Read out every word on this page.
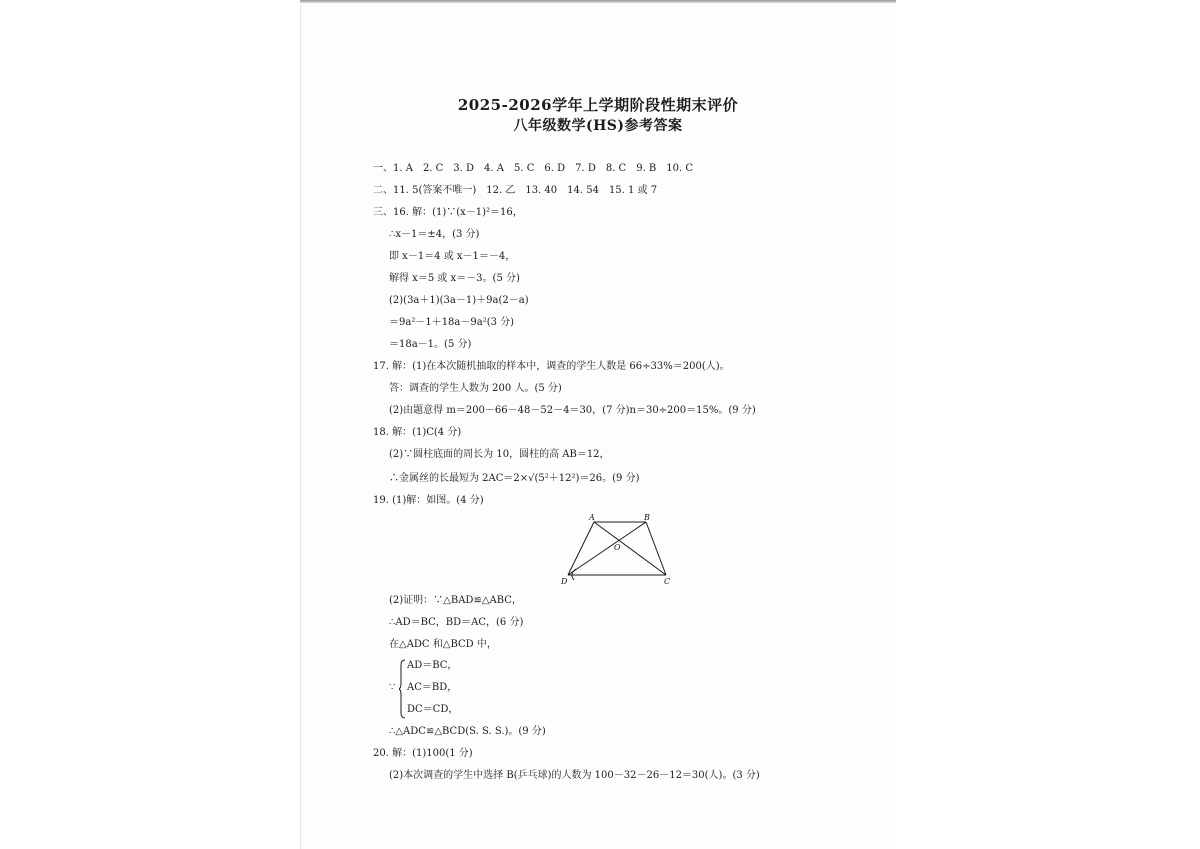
2025-2026学年上学期阶段性期末评价
八年级数学(HS)参考答案
一、1. A　2. C　3. D　4. A　5. C　6. D　7. D　8. C　9. B　10. C
二、11. 5(答案不唯一)　12. 乙　13. 40　14. 54　15. 1 或 7
三、16. 解：(1)∵(x－1)²＝16，
∴x－1＝±4，(3 分)
即 x－1＝4 或 x－1＝－4，
解得 x＝5 或 x＝－3。(5 分)
(2)(3a＋1)(3a－1)＋9a(2－a)
＝9a²－1＋18a－9a²(3 分)
＝18a－1。(5 分)
17. 解：(1)在本次随机抽取的样本中，调查的学生人数是 66÷33%＝200(人)。
答：调查的学生人数为 200 人。(5 分)
(2)由题意得 m＝200－66－48－52－4＝30，(7 分)n＝30÷200＝15%。(9 分)
18. 解：(1)C(4 分)
(2)∵圆柱底面的周长为 10，圆柱的高 AB＝12，
∴金属丝的长最短为 2AC＝2×√(5²＋12²)＝26。(9 分)
19. (1)解：如图。(4 分)
A	B
O
D	C
(2)证明：∵△BAD≌△ABC，
∴AD＝BC，BD＝AC，(6 分)
在△ADC 和△BCD 中，
∵
AD＝BC，
AC＝BD，
DC＝CD，
∴△ADC≌△BCD(S. S. S.)。(9 分)
20. 解：(1)100(1 分)
(2)本次调查的学生中选择 B(乒乓球)的人数为 100－32－26－12＝30(人)。(3 分)
